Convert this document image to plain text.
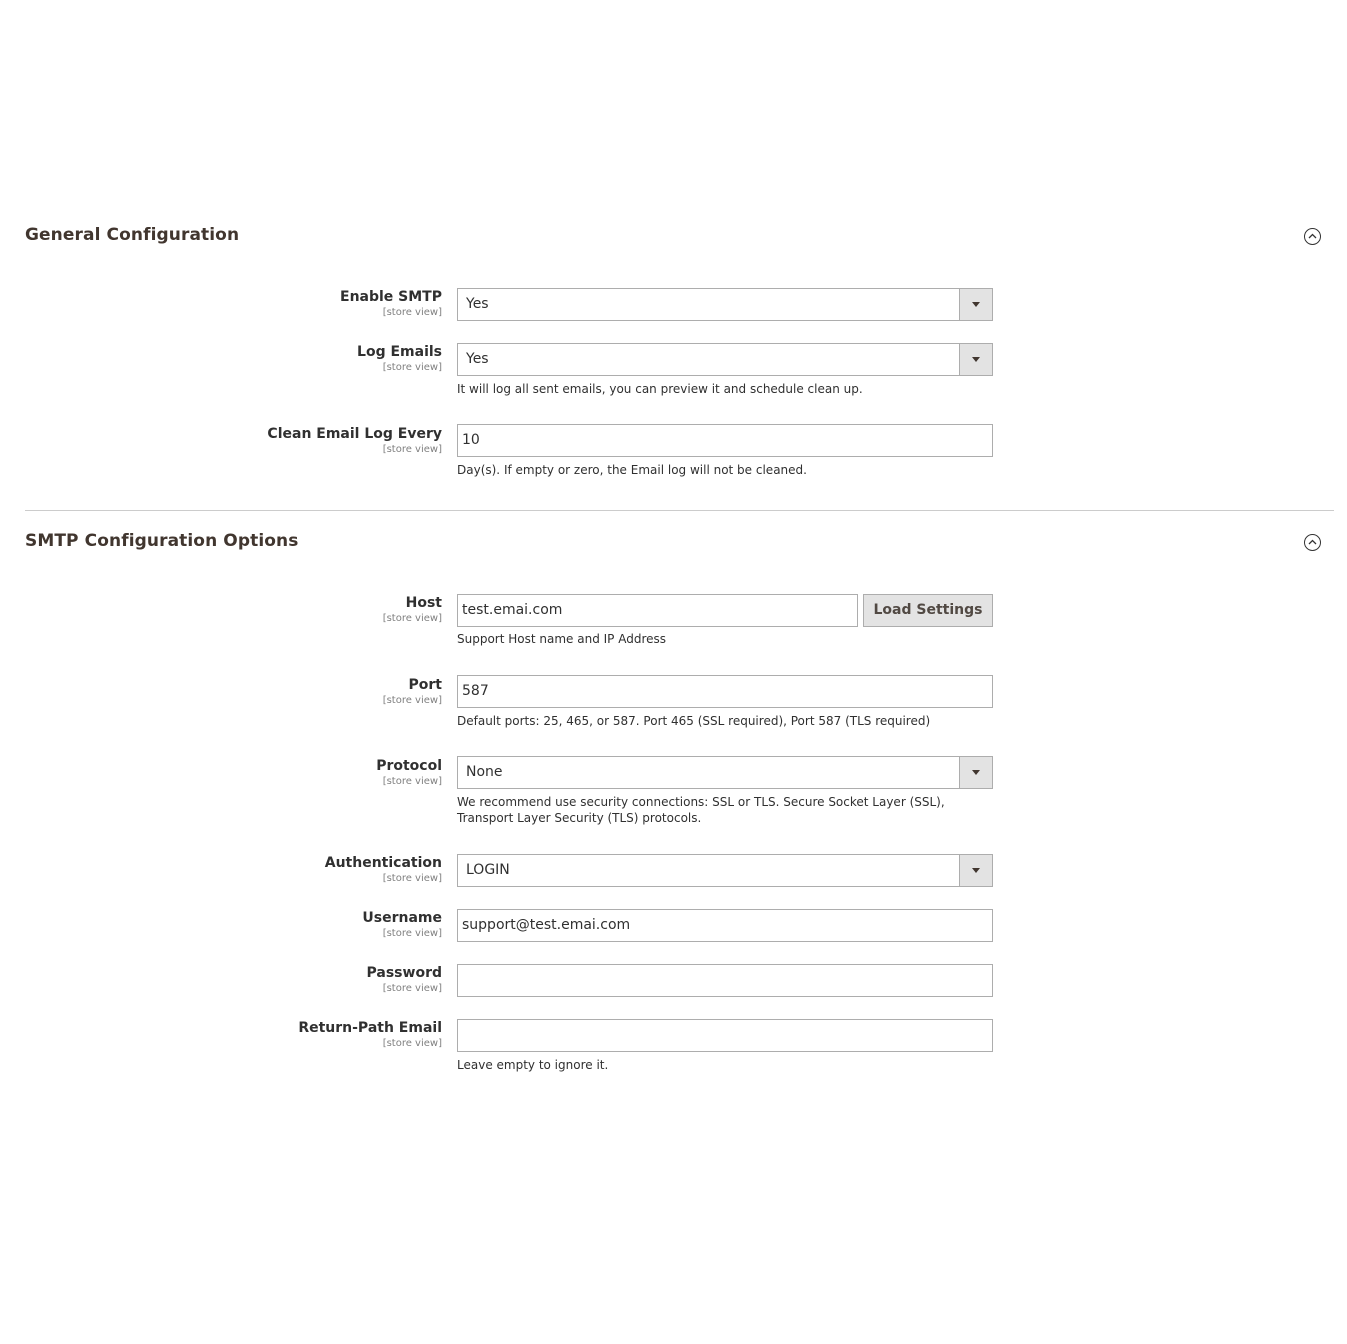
General Configuration
Enable SMTP
[store view]
Yes
Log Emails
[store view]
Yes
It will log all sent emails, you can preview it and schedule clean up.
Clean Email Log Every
[store view]
10
Day(s). If empty or zero, the Email log will not be cleaned.
SMTP Configuration Options
Host
[store view]
test.emai.com	Load Settings
Support Host name and IP Address
Port
[store view]
587
Default ports: 25, 465, or 587. Port 465 (SSL required), Port 587 (TLS required)
Protocol
[store view]
None
We recommend use security connections: SSL or TLS. Secure Socket Layer (SSL), Transport Layer Security (TLS) protocols.
Authentication
[store view]
LOGIN
Username
[store view]
support@test.emai.com
Password
[store view]
Return-Path Email
[store view]
Leave empty to ignore it.
